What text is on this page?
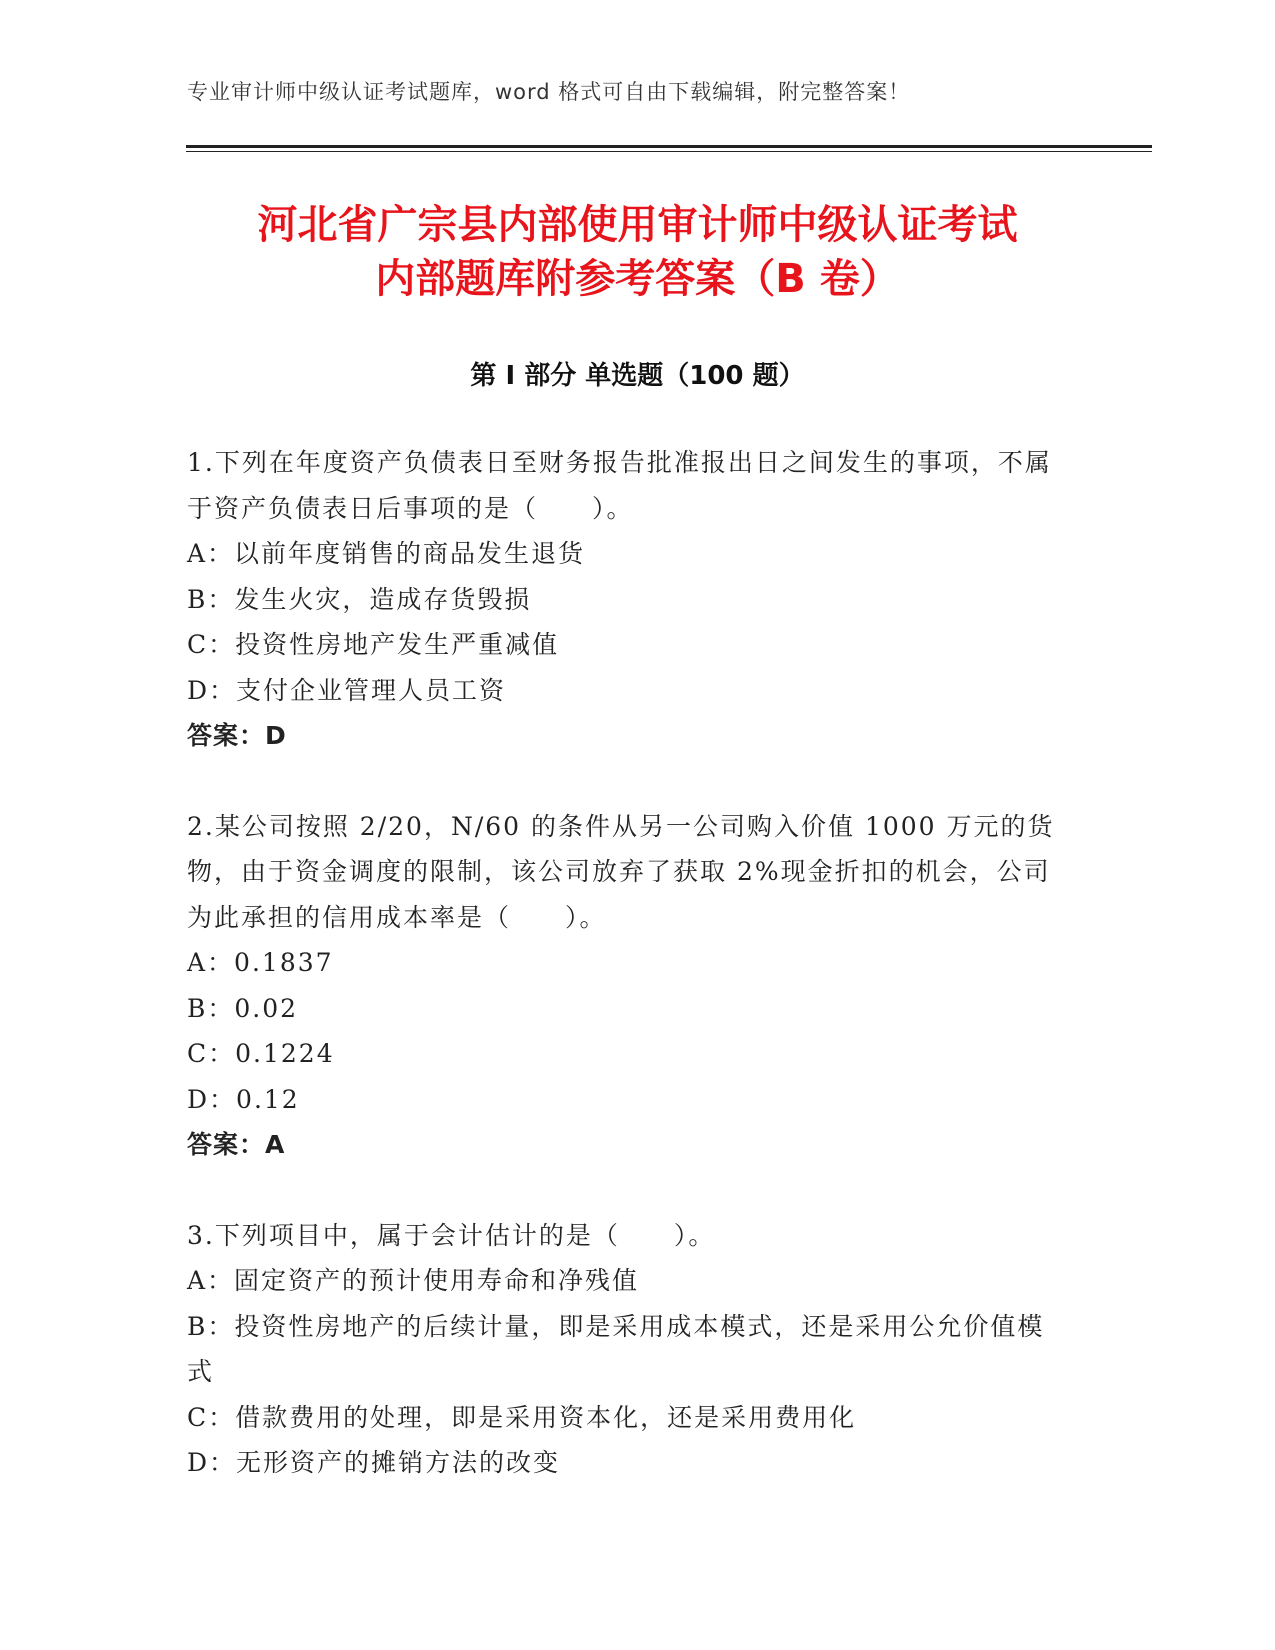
专业审计师中级认证考试题库，word 格式可自由下载编辑，附完整答案！
河北省广宗县内部使用审计师中级认证考试
内部题库附参考答案（B 卷）
第 I 部分 单选题（100 题）

1.下列在年度资产负债表日至财务报告批准报出日之间发生的事项，不属于资产负债表日后事项的是（　　）。

A：以前年度销售的商品发生退货

B：发生火灾，造成存货毁损

C：投资性房地产发生严重减值

D：支付企业管理人员工资

答案：D

2.某公司按照 2/20，N/60 的条件从另一公司购入价值 1000 万元的货物，由于资金调度的限制，该公司放弃了获取 2%现金折扣的机会，公司为此承担的信用成本率是（　　）。

A：0.1837

B：0.02

C：0.1224

D：0.12

答案：A

3.下列项目中，属于会计估计的是（　　）。

A：固定资产的预计使用寿命和净残值

B：投资性房地产的后续计量，即是采用成本模式，还是采用公允价值模式

C：借款费用的处理，即是采用资本化，还是采用费用化

D：无形资产的摊销方法的改变
